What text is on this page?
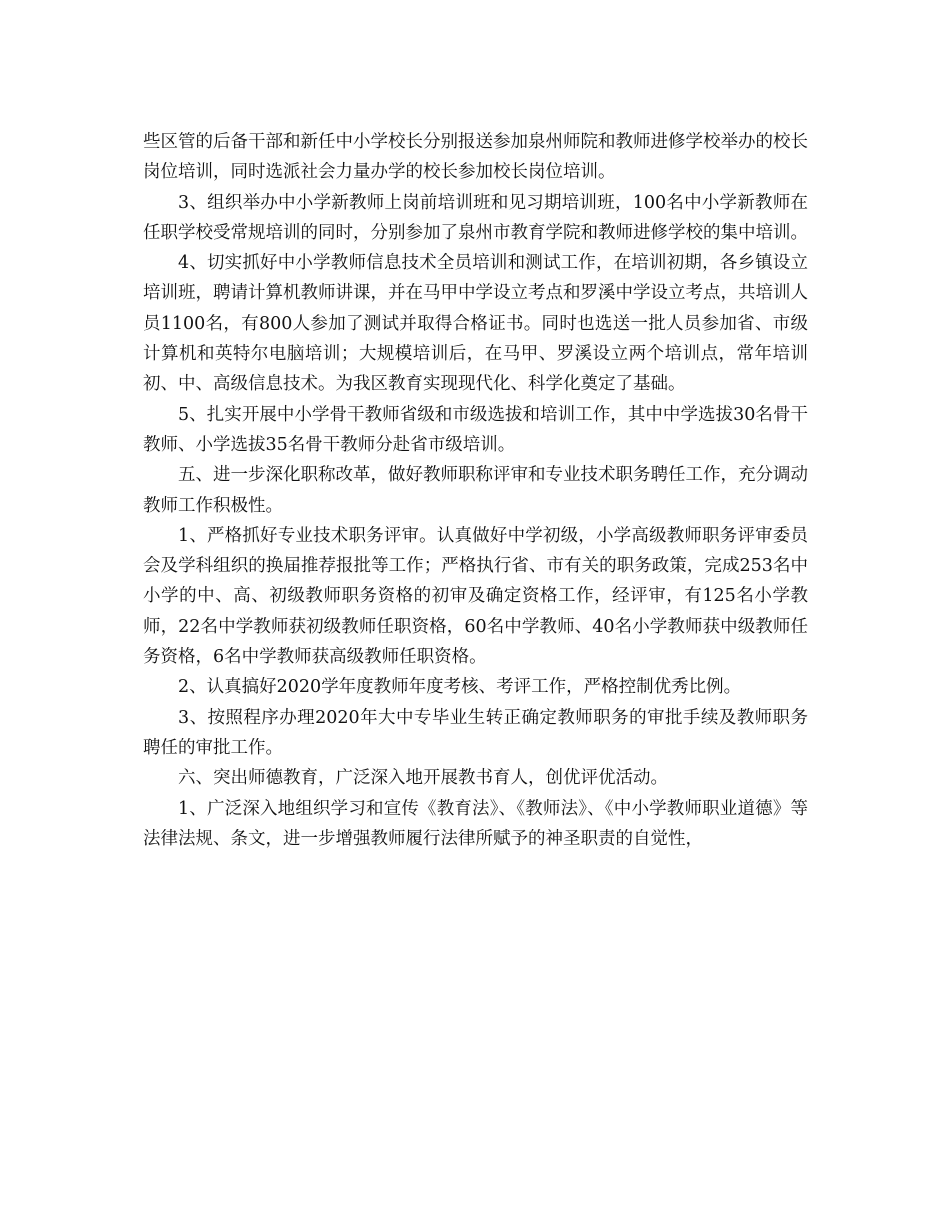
些区管的后备干部和新任中小学校长分别报送参加泉州师院和教师进修学校举办的校长岗位培训，同时选派社会力量办学的校长参加校长岗位培训。

3、组织举办中小学新教师上岗前培训班和见习期培训班，100名中小学新教师在任职学校受常规培训的同时，分别参加了泉州市教育学院和教师进修学校的集中培训。

4、切实抓好中小学教师信息技术全员培训和测试工作，在培训初期，各乡镇设立培训班，聘请计算机教师讲课，并在马甲中学设立考点和罗溪中学设立考点，共培训人员1100名，有800人参加了测试并取得合格证书。同时也选送一批人员参加省、市级计算机和英特尔电脑培训；大规模培训后，在马甲、罗溪设立两个培训点，常年培训初、中、高级信息技术。为我区教育实现现代化、科学化奠定了基础。

5、扎实开展中小学骨干教师省级和市级选拔和培训工作，其中中学选拔30名骨干教师、小学选拔35名骨干教师分赴省市级培训。

五、进一步深化职称改革，做好教师职称评审和专业技术职务聘任工作，充分调动教师工作积极性。

1、严格抓好专业技术职务评审。认真做好中学初级，小学高级教师职务评审委员会及学科组织的换届推荐报批等工作；严格执行省、市有关的职务政策，完成253名中小学的中、高、初级教师职务资格的初审及确定资格工作，经评审，有125名小学教师，22名中学教师获初级教师任职资格，60名中学教师、40名小学教师获中级教师任务资格，6名中学教师获高级教师任职资格。

2、认真搞好2020学年度教师年度考核、考评工作，严格控制优秀比例。

3、按照程序办理2020年大中专毕业生转正确定教师职务的审批手续及教师职务聘任的审批工作。

六、突出师德教育，广泛深入地开展教书育人，创优评优活动。

1、广泛深入地组织学习和宣传《教育法》、《教师法》、《中小学教师职业道德》等法律法规、条文，进一步增强教师履行法律所赋予的神圣职责的自觉性，
